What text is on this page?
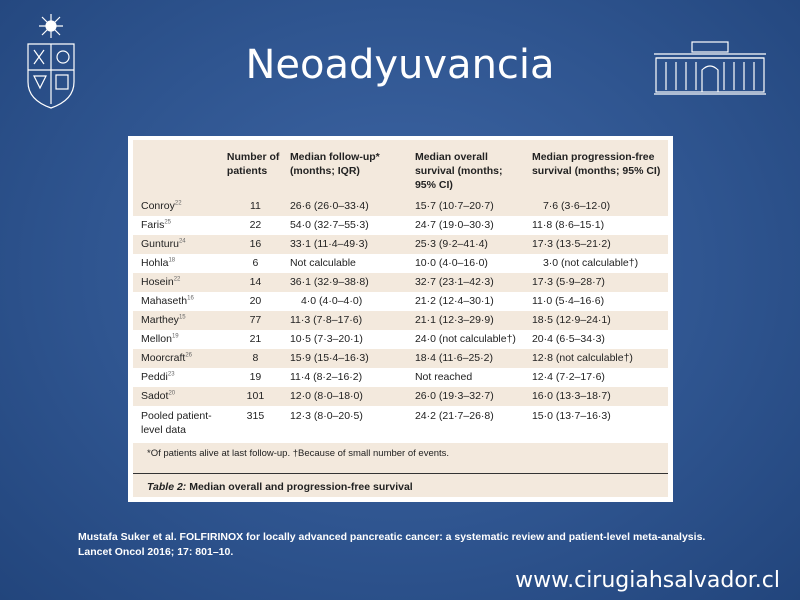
Neoadyuvancia
	Number of patients	Median follow-up* (months; IQR)	Median overall survival (months; 95% CI)	Median progression-free survival (months; 95% CI)
Conroy$^{22}$	11	26·6 (26·0–33·4)	15·7 (10·7–20·7)	7·6 (3·6–12·0)
Faris$^{25}$	22	54·0 (32·7–55·3)	24·7 (19·0–30·3)	11·8 (8·6–15·1)
Gunturu$^{24}$	16	33·1 (11·4–49·3)	25·3 (9·2–41·4)	17·3 (13·5–21·2)
Hohla$^{18}$	6	Not calculable	10·0 (4·0–16·0)	3·0 (not calculable†)
Hosein$^{22}$	14	36·1 (32·9–38·8)	32·7 (23·1–42·3)	17·3 (5·9–28·7)
Mahaseth$^{16}$	20	4·0 (4·0–4·0)	21·2 (12·4–30·1)	11·0 (5·4–16·6)
Marthey$^{15}$	77	11·3 (7·8–17·6)	21·1 (12·3–29·9)	18·5 (12·9–24·1)
Mellon$^{19}$	21	10·5 (7·3–20·1)	24·0 (not calculable†)	20·4 (6·5–34·3)
Moorcraft$^{26}$	8	15·9 (15·4–16·3)	18·4 (11·6–25·2)	12·8 (not calculable†)
Peddi$^{23}$	19	11·4 (8·2–16·2)	Not reached	12·4 (7·2–17·6)
Sadot$^{20}$	101	12·0 (8·0–18·0)	26·0 (19·3–32·7)	16·0 (13·3–18·7)
Pooled patient-level data	315	12·3 (8·0–20·5)	24·2 (21·7–26·8)	15·0 (13·7–16·3)
*Of patients alive at last follow-up. †Because of small number of events.
Table 2: Median overall and progression-free survival
Mustafa Suker et al. FOLFIRINOX for locally advanced pancreatic cancer: a systematic review and patient-level meta-analysis. Lancet Oncol 2016; 17: 801–10.
www.cirugiahsalvador.cl
